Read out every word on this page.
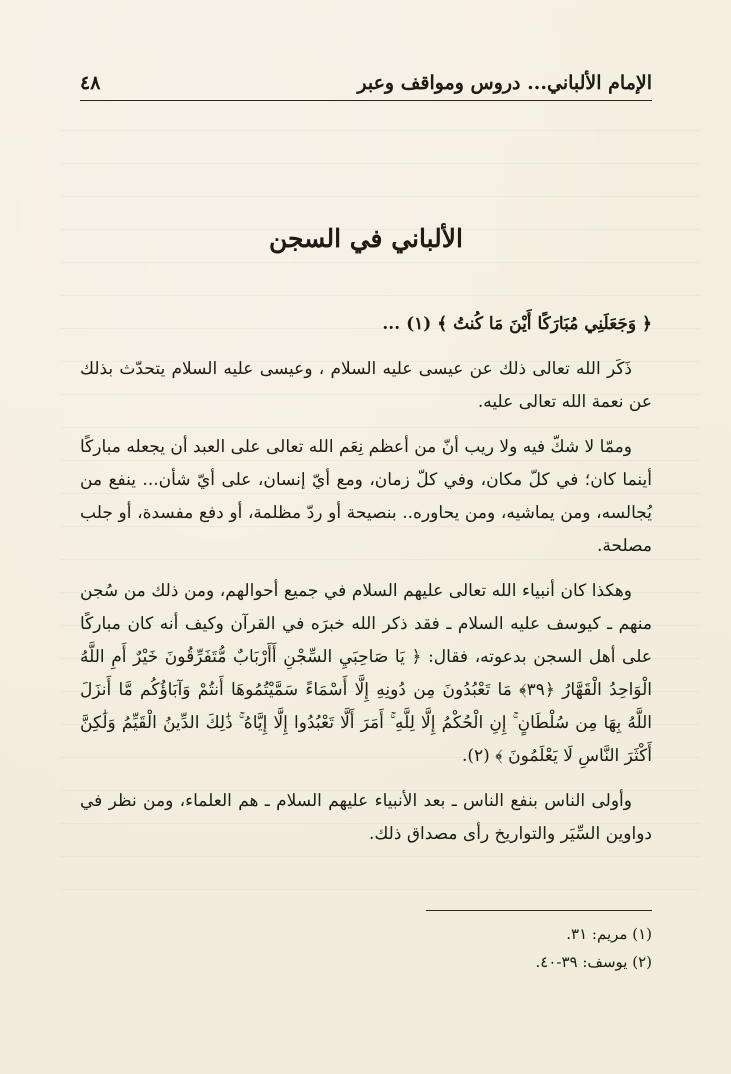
الإمام الألباني... دروس ومواقف وعبر
٤٨
الألباني في السجن

﴿ وَجَعَلَنِي مُبَارَكًا أَيْنَ مَا كُنتُ ﴾ (١) ...

ذَكَر الله تعالى ذلك عن عيسى عليه السلام ، وعيسى عليه السلام يتحدّث بذلك عن نعمة الله تعالى عليه.

وممّا لا شكّ فيه ولا ريب أنّ من أعظم نِعَم الله تعالى على العبد أن يجعله مباركًا أينما كان؛ في كلّ مكان، وفي كلّ زمان، ومع أيّ إنسان، على أيّ شأن... ينفع من يُجالسه، ومن يماشيه، ومن يحاوره.. بنصيحة أو ردّ مظلمة، أو دفع مفسدة، أو جلب مصلحة.

وهكذا كان أنبياء الله تعالى عليهم السلام في جميع أحوالهم، ومن ذلك من سُجن منهم ـ كيوسف عليه السلام ـ فقد ذكر الله خبرَه في القرآن وكيف أنه كان مباركًا على أهل السجن بدعوته، فقال: ﴿ يَا صَاحِبَيِ السِّجْنِ أَأَرْبَابٌ مُّتَفَرِّقُونَ خَيْرٌ أَمِ اللَّهُ الْوَاحِدُ الْقَهَّارُ ﴿٣٩﴾ مَا تَعْبُدُونَ مِن دُونِهِ إِلَّا أَسْمَاءً سَمَّيْتُمُوهَا أَنتُمْ وَآبَاؤُكُم مَّا أَنزَلَ اللَّهُ بِهَا مِن سُلْطَانٍ ۚ إِنِ الْحُكْمُ إِلَّا لِلَّهِ ۚ أَمَرَ أَلَّا تَعْبُدُوا إِلَّا إِيَّاهُ ۚ ذَٰلِكَ الدِّينُ الْقَيِّمُ وَلَٰكِنَّ أَكْثَرَ النَّاسِ لَا يَعْلَمُونَ ﴾ (٢).

وأولى الناس بنفع الناس ـ بعد الأنبياء عليهم السلام ـ هم العلماء، ومن نظر في دواوين السِّيَر والتواريخ رأى مصداق ذلك.

(١) مريم: ٣١.
(٢) يوسف: ٣٩-٤٠.
